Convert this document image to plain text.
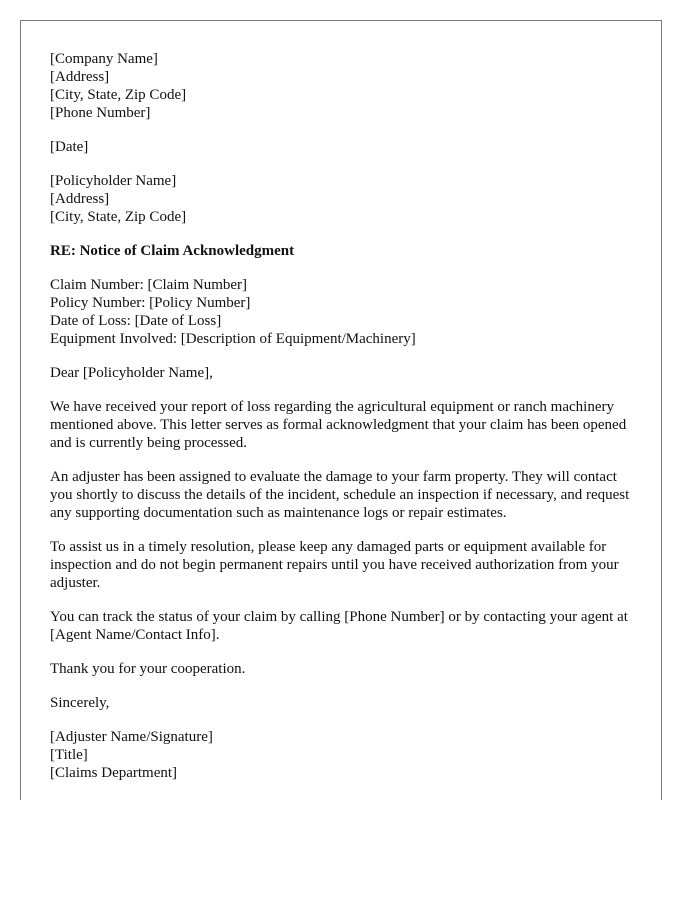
[Company Name]
[Address]
[City, State, Zip Code]
[Phone Number]
[Date]
[Policyholder Name]
[Address]
[City, State, Zip Code]
RE: Notice of Claim Acknowledgment
Claim Number: [Claim Number]
Policy Number: [Policy Number]
Date of Loss: [Date of Loss]
Equipment Involved: [Description of Equipment/Machinery]

Dear [Policyholder Name],

We have received your report of loss regarding the agricultural equipment or ranch machinery mentioned above. This letter serves as formal acknowledgment that your claim has been opened and is currently being processed.

An adjuster has been assigned to evaluate the damage to your farm property. They will contact you shortly to discuss the details of the incident, schedule an inspection if necessary, and request any supporting documentation such as maintenance logs or repair estimates.

To assist us in a timely resolution, please keep any damaged parts or equipment available for inspection and do not begin permanent repairs until you have received authorization from your adjuster.

You can track the status of your claim by calling [Phone Number] or by contacting your agent at [Agent Name/Contact Info].

Thank you for your cooperation.

Sincerely,

[Adjuster Name/Signature]
[Title]
[Claims Department]
